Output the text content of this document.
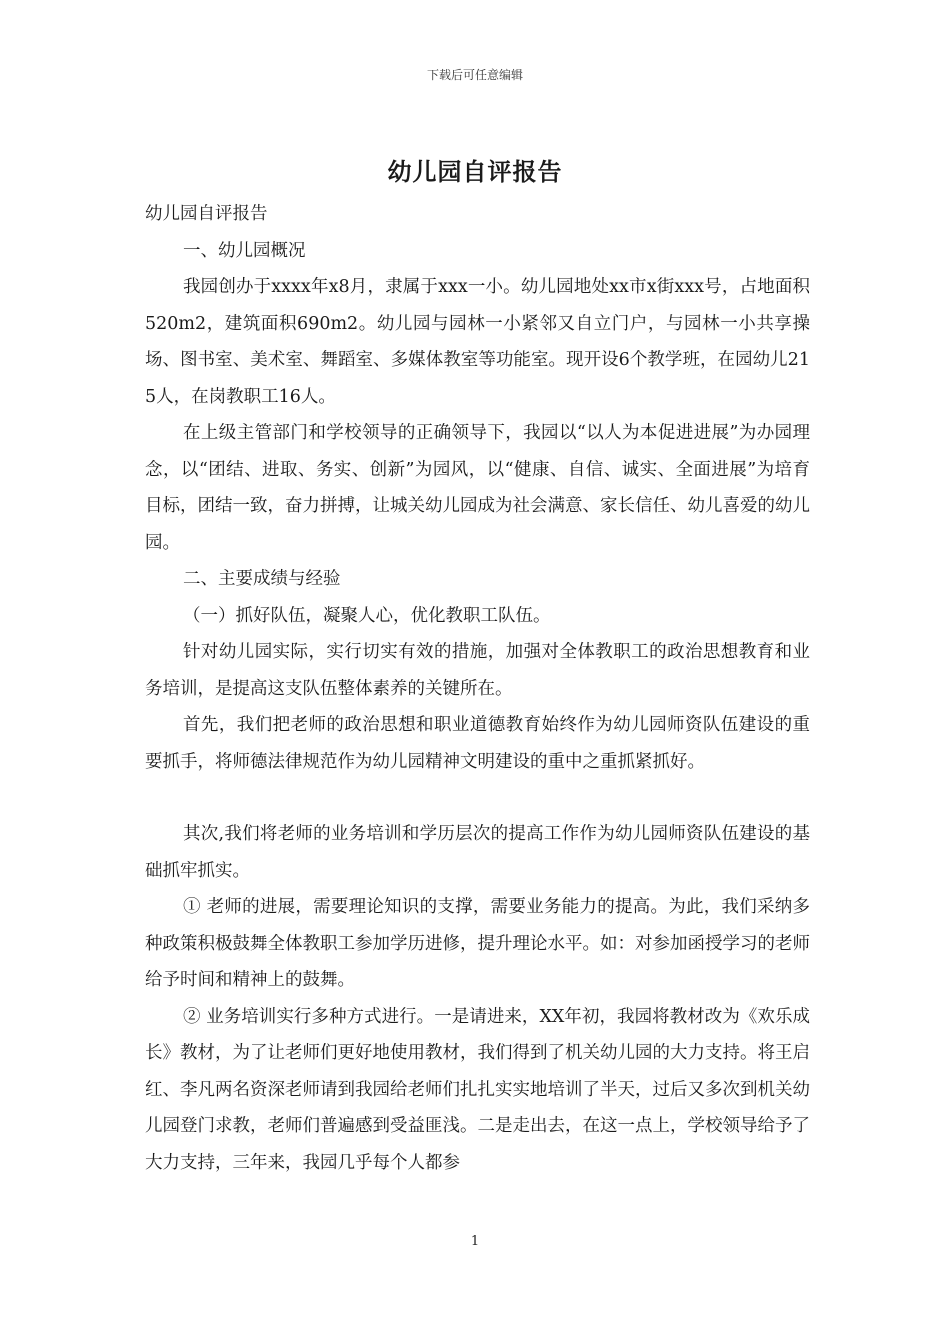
下载后可任意编辑
幼儿园自评报告

幼儿园自评报告

一、幼儿园概况

我园创办于xxxx年x8月，隶属于xxx一小。幼儿园地处xx市x街xxx号，占地面积520m2，建筑面积690m2。幼儿园与园林一小紧邻又自立门户，与园林一小共享操场、图书室、美术室、舞蹈室、多媒体教室等功能室。现开设6个教学班，在园幼儿215人，在岗教职工16人。

在上级主管部门和学校领导的正确领导下，我园以“以人为本促进进展”为办园理念，以“团结、进取、务实、创新”为园风，以“健康、自信、诚实、全面进展”为培育目标，团结一致，奋力拼搏，让城关幼儿园成为社会满意、家长信任、幼儿喜爱的幼儿园。

二、主要成绩与经验

（一）抓好队伍，凝聚人心，优化教职工队伍。

针对幼儿园实际，实行切实有效的措施，加强对全体教职工的政治思想教育和业务培训，是提高这支队伍整体素养的关键所在。

首先，我们把老师的政治思想和职业道德教育始终作为幼儿园师资队伍建设的重要抓手，将师德法律规范作为幼儿园精神文明建设的重中之重抓紧抓好。

其次,我们将老师的业务培训和学历层次的提高工作作为幼儿园师资队伍建设的基础抓牢抓实。

① 老师的进展，需要理论知识的支撑，需要业务能力的提高。为此，我们采纳多种政策积极鼓舞全体教职工参加学历进修，提升理论水平。如：对参加函授学习的老师给予时间和精神上的鼓舞。

② 业务培训实行多种方式进行。一是请进来，XX年初，我园将教材改为《欢乐成长》教材，为了让老师们更好地使用教材，我们得到了机关幼儿园的大力支持。将王启红、李凡两名资深老师请到我园给老师们扎扎实实地培训了半天，过后又多次到机关幼儿园登门求教，老师们普遍感到受益匪浅。二是走出去，在这一点上，学校领导给予了大力支持，三年来，我园几乎每个人都参

1
